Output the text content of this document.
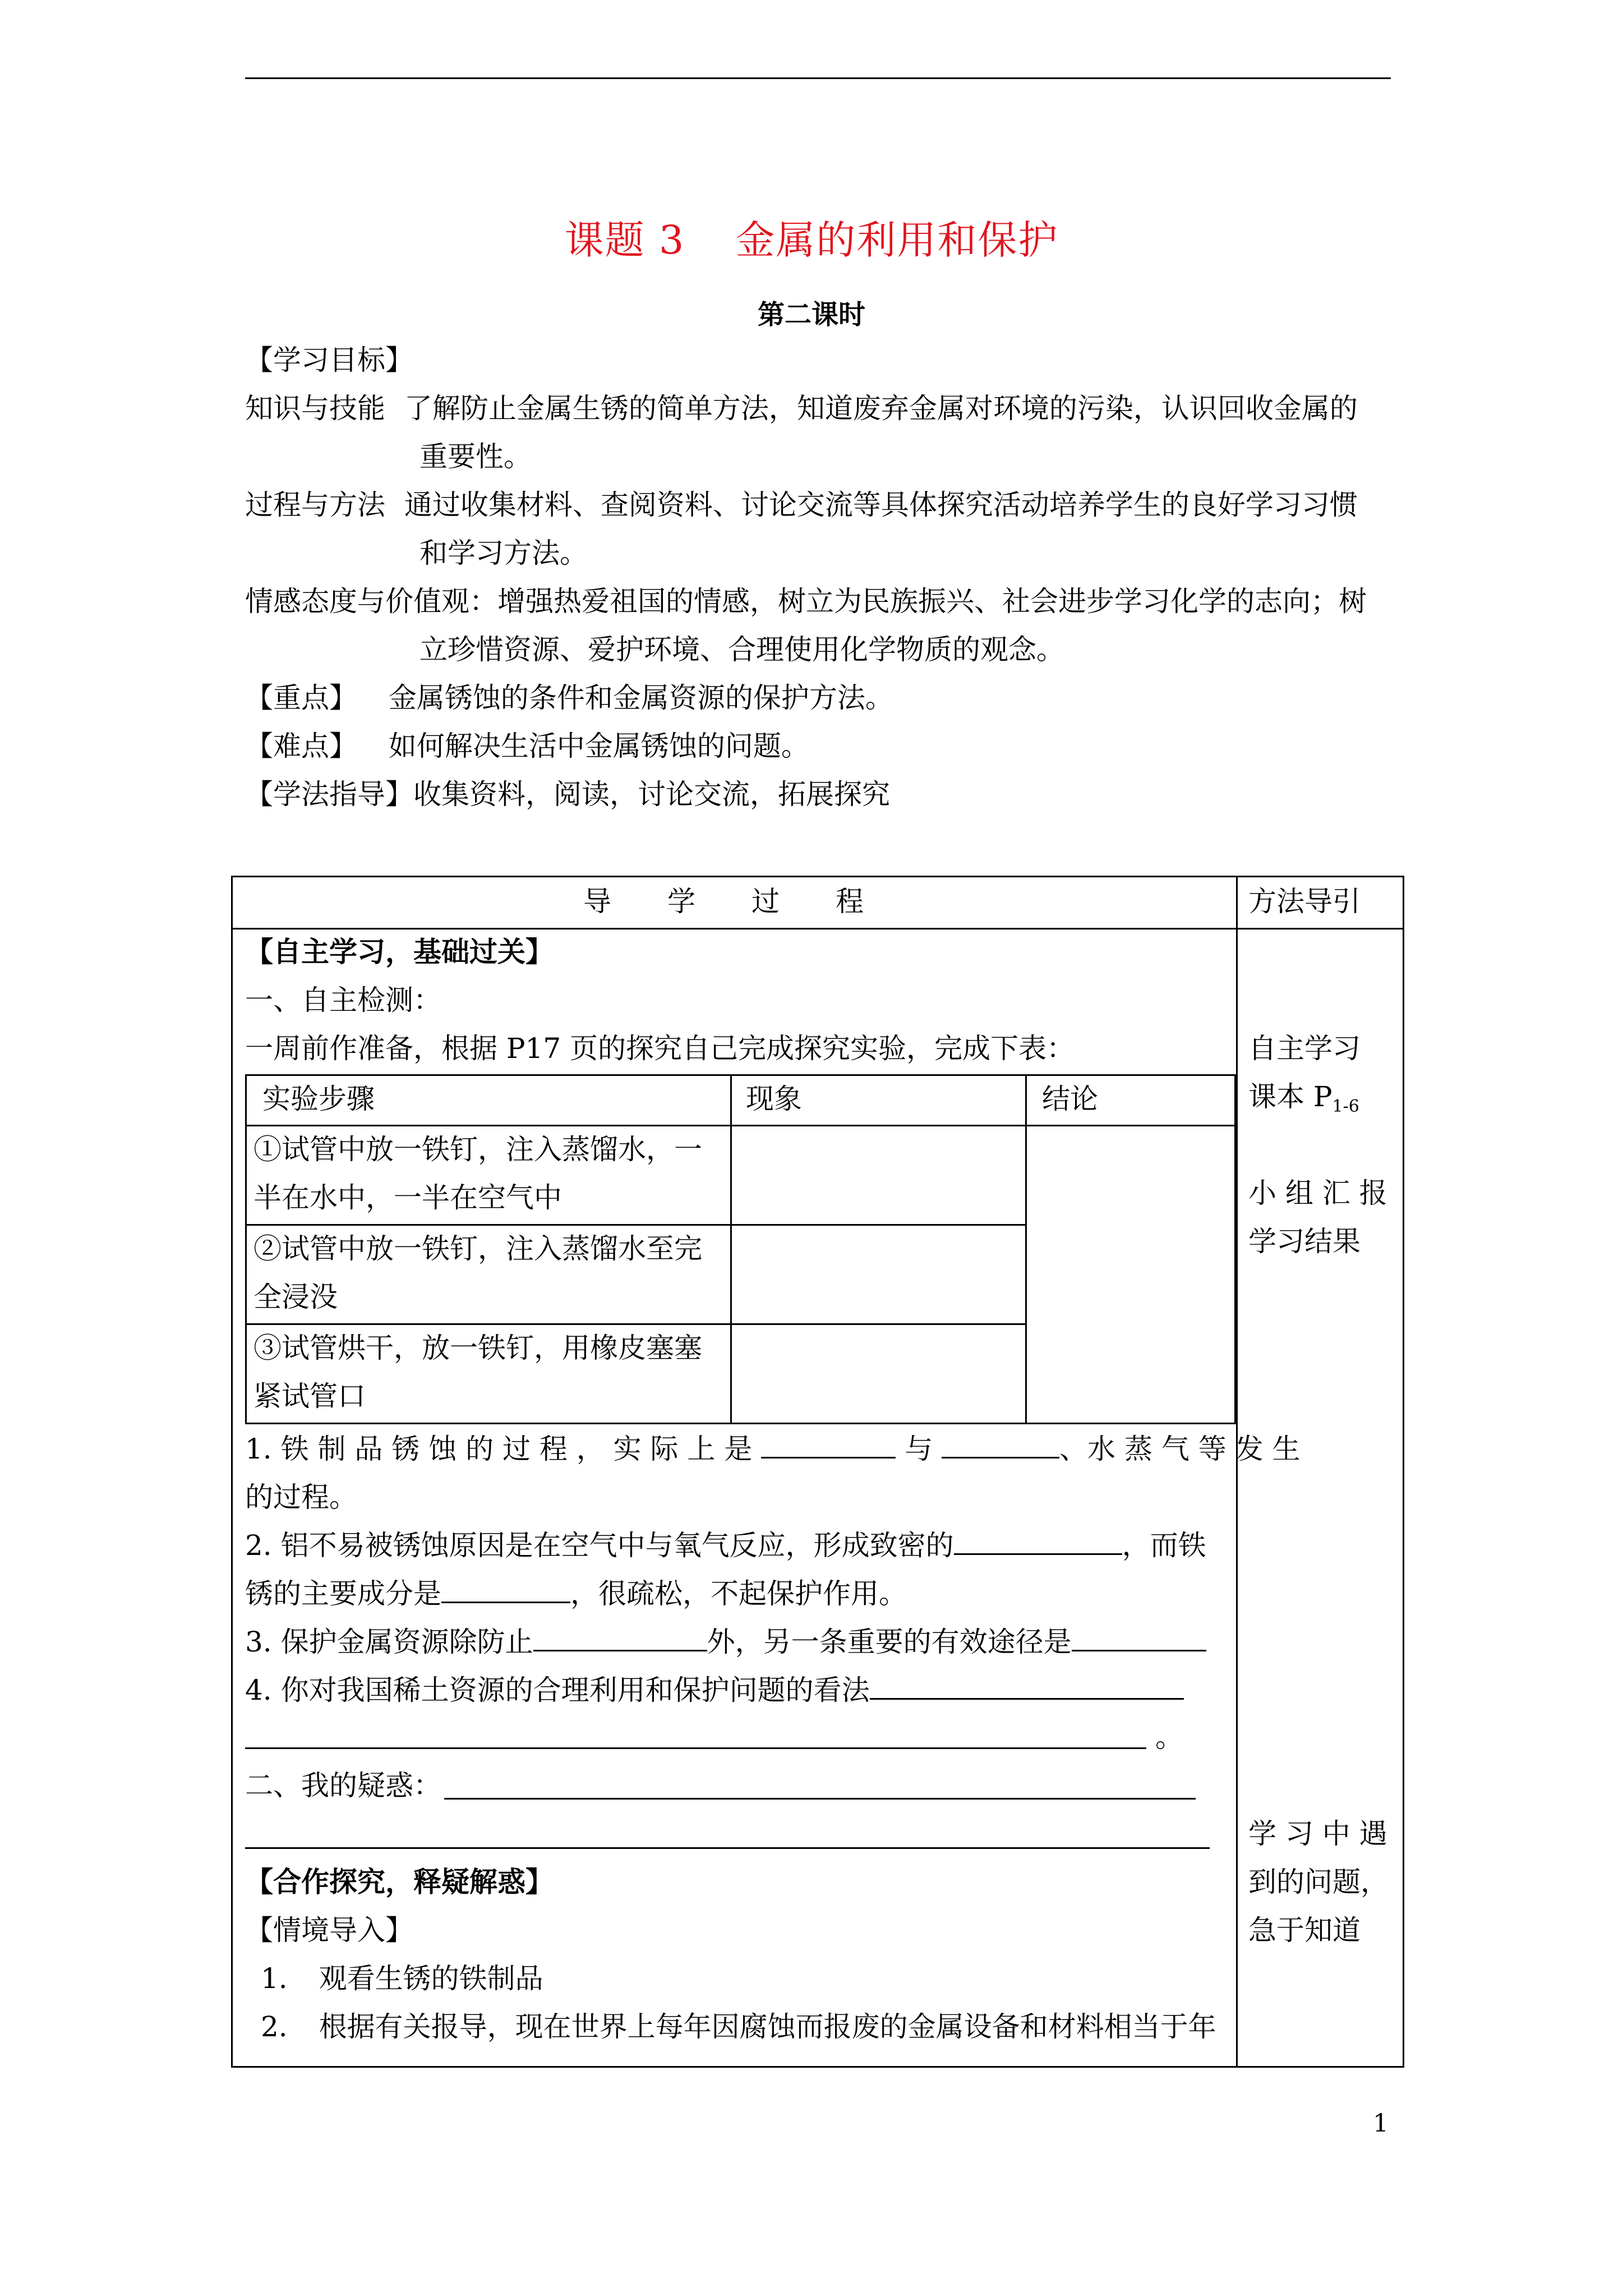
课题 3 金属的利用和保护
第二课时
【学习目标】
知识与技能 了解防止金属生锈的简单方法，知道废弃金属对环境的污染，认识回收金属的
重要性。
过程与方法 通过收集材料、查阅资料、讨论交流等具体探究活动培养学生的良好学习习惯
和学习方法。
情感态度与价值观：增强热爱祖国的情感，树立为民族振兴、社会进步学习化学的志向；树
立珍惜资源、爱护环境、合理使用化学物质的观念。
【重点】 金属锈蚀的条件和金属资源的保护方法。
【难点】 如何解决生活中金属锈蚀的问题。
【学法指导】收集资料，阅读，讨论交流，拓展探究
导　　学　　过　　程	方法导引
【自主学习，基础过关】
一、自主检测：
一周前作准备，根据 P17 页的探究自己完成探究实验，完成下表：
实验步骤	现象	结论
①试管中放一铁钉，注入蒸馏水，一
半在水中，一半在空气中
②试管中放一铁钉，注入蒸馏水至完
全浸没
③试管烘干，放一铁钉，用橡皮塞塞
紧试管口
1. 铁 制 品 锈 蚀 的 过 程 ， 实 际 上 是	与	、水 蒸 气 等 发 生
的过程。
2. 铝不易被锈蚀原因是在空气中与氧气反应，形成致密的	，而铁
锈的主要成分是	，很疏松，不起保护作用。
3. 保护金属资源除防止	外，另一条重要的有效途径是
4. 你对我国稀土资源的合理利用和保护问题的看法
。
二、我的疑惑：
【合作探究，释疑解惑】
【情境导入】
1. 观看生锈的铁制品
2. 根据有关报导，现在世界上每年因腐蚀而报废的金属设备和材料相当于年
自主学习
课本 $P_{1-6}$
小 组 汇 报
学习结果
学 习 中 遇
到的问题，
急于知道
1
